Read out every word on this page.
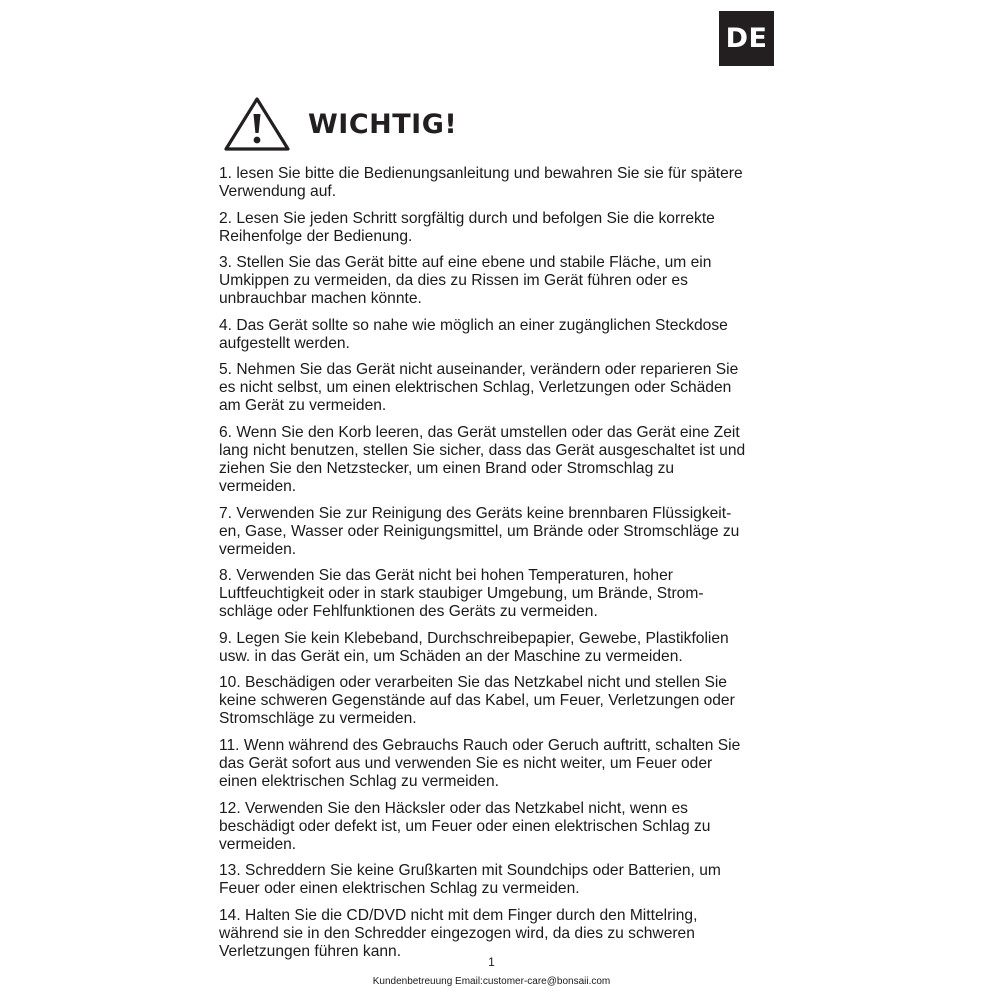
DE
WICHTIG!
1. lesen Sie bitte die Bedienungsanleitung und bewahren Sie sie für spätere
Verwendung auf.
2. Lesen Sie jeden Schritt sorgfältig durch und befolgen Sie die korrekte
Reihenfolge der Bedienung.
3. Stellen Sie das Gerät bitte auf eine ebene und stabile Fläche, um ein
Umkippen zu vermeiden, da dies zu Rissen im Gerät führen oder es
unbrauchbar machen könnte.
4. Das Gerät sollte so nahe wie möglich an einer zugänglichen Steckdose
aufgestellt werden.
5. Nehmen Sie das Gerät nicht auseinander, verändern oder reparieren Sie
es nicht selbst, um einen elektrischen Schlag, Verletzungen oder Schäden
am Gerät zu vermeiden.
6. Wenn Sie den Korb leeren, das Gerät umstellen oder das Gerät eine Zeit
lang nicht benutzen, stellen Sie sicher, dass das Gerät ausgeschaltet ist und
ziehen Sie den Netzstecker, um einen Brand oder Stromschlag zu
vermeiden.
7. Verwenden Sie zur Reinigung des Geräts keine brennbaren Flüssigkeit-
en, Gase, Wasser oder Reinigungsmittel, um Brände oder Stromschläge zu
vermeiden.
8. Verwenden Sie das Gerät nicht bei hohen Temperaturen, hoher
Luftfeuchtigkeit oder in stark staubiger Umgebung, um Brände, Strom-
schläge oder Fehlfunktionen des Geräts zu vermeiden.
9. Legen Sie kein Klebeband, Durchschreibepapier, Gewebe, Plastikfolien
usw. in das Gerät ein, um Schäden an der Maschine zu vermeiden.
10. Beschädigen oder verarbeiten Sie das Netzkabel nicht und stellen Sie
keine schweren Gegenstände auf das Kabel, um Feuer, Verletzungen oder
Stromschläge zu vermeiden.
11. Wenn während des Gebrauchs Rauch oder Geruch auftritt, schalten Sie
das Gerät sofort aus und verwenden Sie es nicht weiter, um Feuer oder
einen elektrischen Schlag zu vermeiden.
12. Verwenden Sie den Häcksler oder das Netzkabel nicht, wenn es
beschädigt oder defekt ist, um Feuer oder einen elektrischen Schlag zu
vermeiden.
13. Schreddern Sie keine Grußkarten mit Soundchips oder Batterien, um
Feuer oder einen elektrischen Schlag zu vermeiden.
14. Halten Sie die CD/DVD nicht mit dem Finger durch den Mittelring,
während sie in den Schredder eingezogen wird, da dies zu schweren
Verletzungen führen kann.
1
Kundenbetreuung Email:customer-care@bonsaii.com
